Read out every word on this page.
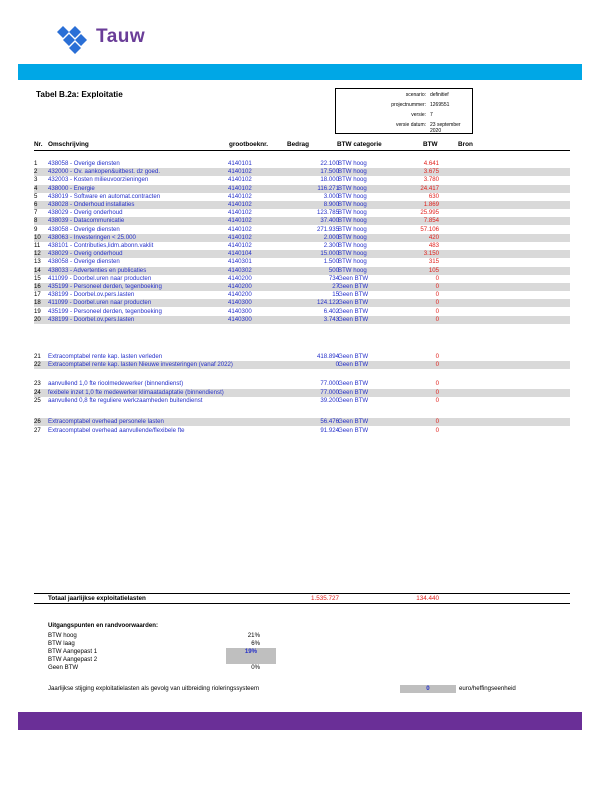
Tauw
Tabel B.2a: Exploitatie	scenario: definitief
projectnummer: 1269551
versie: 7
versie datum: 23 september 2020
Nr. Omschrijving	grootboeknr.	Bedrag	BTW categorie	BTW	Bron
1 438058 - Overige diensten	4140101	22.100 BTW hoog	4.641
2 432000 - Ov. aankopen&uitbest. dz goed.	4140102	17.500 BTW hoog	3.675
3 432003 - Kosten milieuvoorzieningen	4140102	18.000 BTW hoog	3.780
4 438000 - Energie	4140102	116.271 BTW hoog	24.417
5 438019 - Software en automat.contracten	4140102	3.000 BTW hoog	630
6 438028 - Onderhoud installaties	4140102	8.900 BTW hoog	1.869
7 438029 - Overig onderhoud	4140102	123.785 BTW hoog	25.995
8 438039 - Datacommunicatie	4140102	37.400 BTW hoog	7.854
9 438058 - Overige diensten	4140102	271.935 BTW hoog	57.106
10 438063 - Investeringen < 25.000	4140102	2.000 BTW hoog	420
11 438101 - Contributies,lidm.abonn.vaklit	4140102	2.300 BTW hoog	483
12 438029 - Overig onderhoud	4140104	15.000 BTW hoog	3.150
13 438058 - Overige diensten	4140301	1.500 BTW hoog	315
14 438033 - Advertenties en publicaties	4140302	500 BTW hoog	105
15 411099 - Doorbel.uren naar producten	4140200	734 Geen BTW	0
16 435199 - Personeel derden, tegenboeking	4140200	27 Geen BTW	0
17 438199 - Doorbel.ov.pers.lasten	4140200	15 Geen BTW	0
18 411099 - Doorbel.uren naar producten	4140300	124.122 Geen BTW	0
19 435199 - Personeel derden, tegenboeking	4140300	6.402 Geen BTW	0
20 438199 - Doorbel.ov.pers.lasten	4140300	3.743 Geen BTW	0
21 Extracomptabel rente kap. lasten verleden	418.894 Geen BTW	0
22 Extracomptabel rente kap. lasten Nieuwe investeringen (vanaf 2022)	0 Geen BTW	0
23 aanvullend 1,0 fte rioolmedewerker (binnendienst)	77.000 Geen BTW	0
24 fexibele inzet 1,0 fte medewerker klimaatadaptatie (binnendienst)	77.000 Geen BTW	0
25 aanvullend 0,8 fte reguliere werkzaamheden buitendienst	39.200 Geen BTW	0
26 Extracomptabel overhead personele lasten	56.476 Geen BTW	0
27 Extracomptabel overhead aanvullende/flexibele fte	91.924 Geen BTW	0
Totaal jaarlijkse exploitatielasten	1.535.727	134.440
Uitgangspunten en randvoorwaarden:
BTW hoog	21%
BTW laag	6%
BTW Aangepast 1	19%
BTW Aangepast 2
Geen BTW	0%
Jaarlijkse stijging exploitatielasten als gevolg van uitbreiding rioleringssysteem	0	euro/heffingseenheid
